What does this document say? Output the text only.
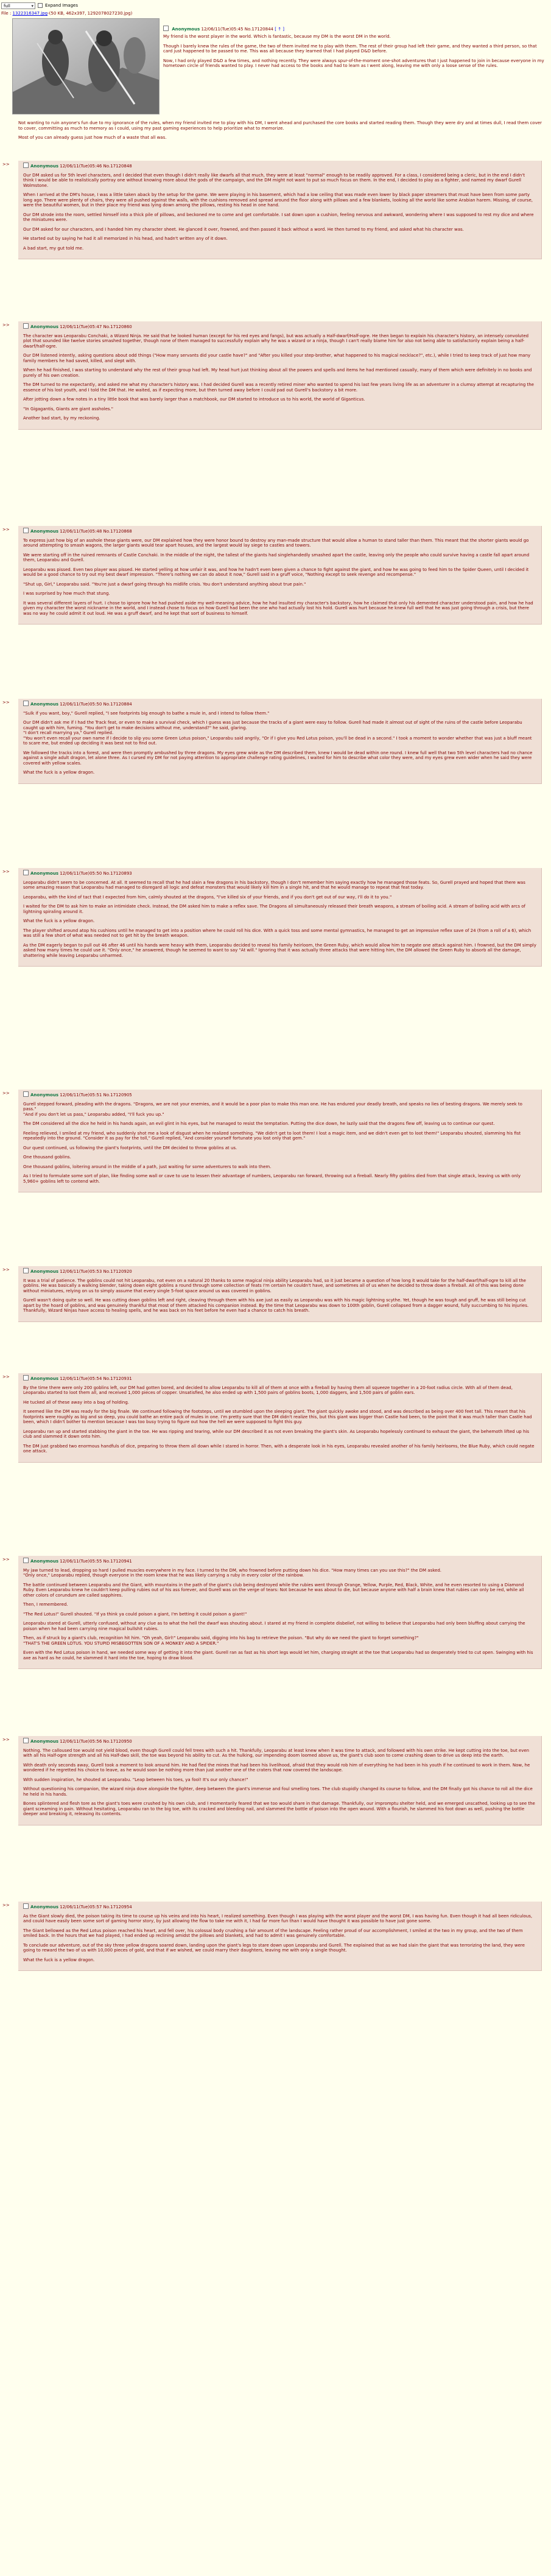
full ▾	Expand Images
File : 1322316347.jpg-(50 KB, 462x397, 1292078027230.jpg)
Anonymous 12/06/11(Tue)05:45 No.17120844 [ ↑ ]

My friend is the worst player in the world. Which is fantastic, because my DM is the worst DM in the world.

Though I barely knew the rules of the game, the two of them invited me to play with them. The rest of their group had left their game, and they wanted a third person, so that card just happened to be passed to me. This was all because they learned that I had played D&D before.

Now, I had only played D&D a few times, and nothing recently. They were always spur-of-the-moment one-shot adventures that I just happened to join in because everyone in my hometown circle of friends wanted to play. I never had access to the books and had to learn as I went along, leaving me with only a loose sense of the rules.

Not wanting to ruin anyone's fun due to my ignorance of the rules, when my friend invited me to play with his DM, I went ahead and purchased the core books and started reading them. Though they were dry and at times dull, I read them cover to cover, committing as much to memory as I could, using my past gaming experiences to help prioritize what to memorize.

Most of you can already guess just how much of a waste that all was.

>>	Anonymous 12/06/11(Tue)05:46 No.17120848

Our DM asked us for 5th level characters, and I decided that even though I didn't really like dwarfs all that much, they were at least "normal" enough to be readily approved. For a class, I considered being a cleric, but in the end I didn't think I would be able to realistically portray one without knowing more about the gods of the campaign, and the DM might not want to put so much focus on them. In the end, I decided to play as a fighter, and named my dwarf Gurell Wolmstone.

When I arrived at the DM's house, I was a little taken aback by the setup for the game. We were playing in his basement, which had a low ceiling that was made even lower by black paper streamers that must have been from some party long ago. There were plenty of chairs, they were all pushed against the walls, with the cushions removed and spread around the floor along with pillows and a few blankets, looking all the world like some Arabian harem. Missing, of course, were the beautiful women, but in their place my friend was lying down among the pillows, resting his head in one hand.

Our DM strode into the room, settled himself into a thick pile of pillows, and beckoned me to come and get comfortable. I sat down upon a cushion, feeling nervous and awkward, wondering where I was supposed to rest my dice and where the miniatures were.

Our DM asked for our characters, and I handed him my character sheet. He glanced it over, frowned, and then passed it back without a word. He then turned to my friend, and asked what his character was.

He started out by saying he had it all memorized in his head, and hadn't written any of it down.

A bad start, my gut told me.

>>	Anonymous 12/06/11(Tue)05:47 No.17120860

The character was Leoparabu Conchaki, a Wizard Ninja. He said that he looked human (except for his red eyes and fangs), but was actually a Half-dwarf/Half-ogre. He then began to explain his character's history, an intensely convoluted plot that sounded like twelve stories smashed together, though none of them managed to successfully explain why he was a wizard or a ninja, though I can't really blame him for also not being able to satisfactorily explain being a half-dwarf/half-ogre.

Our DM listened intently, asking questions about odd things ("How many servants did your castle have?" and "After you killed your step-brother, what happened to his magical necklace?", etc.), while I tried to keep track of just how many family members he had saved, killed, and slept with.

When he had finished, I was starting to understand why the rest of their group had left. My head hurt just thinking about all the powers and spells and items he had mentioned casually, many of them which were definitely in no books and purely of his own creation.

The DM turned to me expectantly, and asked me what my character's history was. I had decided Gurell was a recently retired miner who wanted to spend his last few years living life as an adventurer in a clumsy attempt at recapturing the essence of his lost youth, and I told the DM that. He waited, as if expecting more, but then turned away before I could pad out Gurell's backstory a bit more.

After jotting down a few notes in a tiny little book that was barely larger than a matchbook, our DM started to introduce us to his world, the world of Giganticus.

"In Gigagantis, Giants are giant assholes."

Another bad start, by my reckoning.

>>	Anonymous 12/06/11(Tue)05:48 No.17120868

To express just how big of an asshole these giants were, our DM explained how they were honor bound to destroy any man-made structure that would allow a human to stand taller than them. This meant that the shorter giants would go around attempting to smash wagons, the larger giants would tear apart houses, and the largest would lay siege to castles and towers.

We were starting off in the ruined remnants of Castle Conchaki. In the middle of the night, the tallest of the giants had singlehandedly smashed apart the castle, leaving only the people who could survive having a castle fall apart around them, Leoparabu and Gurell.

Leoparabu was pissed. Even two player was pissed. He started yelling at how unfair it was, and how he hadn't even been given a chance to fight against the giant, and how he was going to feed him to the Spider Queen, until I decided it would be a good chance to try out my best dwarf impression. "There's nothing we can do about it now," Gurell said in a gruff voice, "Nothing except to seek revenge and recompense."

"Shut up, Girl," Leoparabu said. "You're just a dwarf going through his midlife crisis. You don't understand anything about true pain."

I was surprised by how much that stung.

It was several different layers of hurt. I chose to ignore how he had pushed aside my well-meaning advice, how he had insulted my character's backstory, how he claimed that only his demented character understood pain, and how he had given my character the worst nickname in the world, and I instead chose to focus on how Gurell had been the one who had actually lost his hold. Gurell was hurt because he knew full well that he was just going through a crisis, but there was no way he could admit it out loud. He was a gruff dwarf, and he kept that sort of business to himself.

>>	Anonymous 12/06/11(Tue)05:50 No.17120884

"Sulk if you want, boy," Gurell replied, "I see footprints big enough to bathe a mule in, and I intend to follow them."

Our DM didn't ask me if I had the Track feat, or even to make a survival check, which I guess was just because the tracks of a giant were easy to follow. Gurell had made it almost out of sight of the ruins of the castle before Leoparabu caught up with him, fuming. "You don't get to make decisions without me, understand?" he said, glaring.
"I don't recall marrying ya," Gurell replied.
"You won't even recall your own name if I decide to slip you some Green Lotus poison," Leoparabu said angrily, "Or if I give you Red Lotus poison, you'll be dead in a second." I took a moment to wonder whether that was just a bluff meant to scare me, but ended up deciding it was best not to find out.

We followed the tracks into a forest, and were then promptly ambushed by three dragons. My eyes grew wide as the DM described them, knew I would be dead within one round. I knew full well that two 5th level characters had no chance against a single adult dragon, let alone three. As I cursed my DM for not paying attention to appropriate challenge rating guidelines, I waited for him to describe what color they were, and my eyes grew even wider when he said they were covered with yellow scales.

What the fuck is a yellow dragon.

>>	Anonymous 12/06/11(Tue)05:50 No.17120893

Leoparabu didn't seem to be concerned. At all. It seemed to recall that he had slain a few dragons in his backstory, though I don't remember him saying exactly how he managed those feats. So, Gurell prayed and hoped that there was some amazing reason that Leoparabu had managed to disregard all logic and defeat monsters that would likely kill him in a single hit, and that he would manage to repeat that feat today.

Leoparabu, with the kind of tact that I expected from him, calmly shouted at the dragons, "I've killed six of your friends, and if you don't get out of our way, I'll do it to you."

I waited for the DM to ask him to make an intimidate check. Instead, the DM asked him to make a reflex save. The Dragons all simultaneously released their breath weapons, a stream of boiling acid. A stream of boiling acid with arcs of lightning spiraling around it.

What the fuck is a yellow dragon.

The player shifted around atop his cushions until he managed to get into a position where he could roll his dice. With a quick toss and some mental gymnastics, he managed to get an impressive reflex save of 24 (from a roll of a 6), which was still a few short of what was needed not to get hit by the breath weapon.

As the DM eagerly began to pull out 46 after 46 until his hands were heavy with them, Leoparabu decided to reveal his family heirloom, the Green Ruby, which would allow him to negate one attack against him. I frowned, but the DM simply asked how many times he could use it. "Only once," he answered, though he seemed to want to say "At will." Ignoring that it was actually three attacks that were hitting him, the DM allowed the Green Ruby to absorb all the damage, shattering while leaving Leoparabu unharmed.

>>	Anonymous 12/06/11(Tue)05:51 No.17120905

Gurell stepped forward, pleading with the dragons. "Dragons, we are not your enemies, and it would be a poor plan to make this man one. He has endured your deadly breath, and speaks no lies of besting dragons. We merely seek to pass."
"And if you don't let us pass," Leoparabu added, "I'll fuck you up."

The DM considered all the dice he held in his hands again, an evil glint in his eyes, but he managed to resist the temptation. Putting the dice down, he lazily said that the dragons flew off, leaving us to continue our quest.

Feeling relieved, I smiled at my friend, who suddenly shot me a look of disgust when he realized something. "We didn't get to loot them! I lost a magic item, and we didn't even get to loot them!" Leoparabu shouted, slamming his fist repeatedly into the ground. "Consider it as pay for the toll," Gurell replied, "And consider yourself fortunate you lost only that gem."

Our quest continued, us following the giant's footprints, until the DM decided to throw goblins at us.

One thousand goblins.

One thousand goblins, loitering around in the middle of a path, just waiting for some adventurers to walk into them.

As I tried to formulate some sort of plan, like finding some wall or cave to use to lessen their advantage of numbers, Leoparabu ran forward, throwing out a fireball. Nearly fifty goblins died from that single attack, leaving us with only 5,960+ goblins left to contend with.

>>	Anonymous 12/06/11(Tue)05:53 No.17120920

It was a trial of patience. The goblins could not hit Leoparabu, not even on a natural 20 thanks to some magical ninja ability Leoparabu had, so it just became a question of how long it would take for the half-dwarf/half-ogre to kill all the goblins. He was basically a walking blender, taking down eight goblins a round through some collection of feats I'm certain he couldn't have, and sometimes all of us when he decided to throw down a fireball. All of this was being done without miniatures, relying on us to simply assume that every single 5-foot space around us was covered in goblins.

Gurell wasn't doing quite so well. He was cutting down goblins left and right, cleaving through them with his axe just as easily as Leoparabu was with his magic lightning scythe. Yet, though he was tough and gruff, he was still being cut apart by the hoard of goblins, and was genuinely thankful that most of them attacked his companion instead. By the time that Leoparabu was down to 100th goblin, Gurell collapsed from a dagger wound, fully succumbing to his injuries. Thankfully, Wizard Ninjas have access to healing spells, and he was back on his feet before he even had a chance to catch his breath.

>>	Anonymous 12/06/11(Tue)05:54 No.17120931

By the time there were only 200 goblins left, our DM had gotten bored, and decided to allow Leoparabu to kill all of them at once with a fireball by having them all squeeze together in a 20-foot radius circle. With all of them dead, Leoparabu started to loot them all, and received 1,000 pieces of copper. Unsatisfied, he also ended up with 1,500 pairs of goblins boots, 1,000 daggers, and 1,500 pairs of goblin ears.

He tucked all of these away into a bag of holding.

It seemed like the DM was ready for the big finale. We continued following the footsteps, until we stumbled upon the sleeping giant. The giant quickly awoke and stood, and was described as being over 400 feet tall. This meant that his footprints were roughly as big and so deep, you could bathe an entire pack of mules in one. I'm pretty sure that the DM didn't realize this, but this giant was bigger than Castle had been, to the point that it was much taller than Castle had been, which I didn't bother to mention because I was too busy trying to figure out how the hell we were supposed to fight this guy.

Leoparabu ran up and started stabbing the giant in the toe. He was ripping and tearing, while our DM described it as not even breaking the giant's skin. As Leoparabu hopelessly continued to exhaust the giant, the behemoth lifted up his club and slammed it down onto him.

The DM just grabbed two enormous handfuls of dice, preparing to throw them all down while I stared in horror. Then, with a desperate look in his eyes, Leoparabu revealed another of his family heirlooms, the Blue Ruby, which could negate one attack.

>>	Anonymous 12/06/11(Tue)05:55 No.17120941

My jaw turned to lead, dropping so hard I pulled muscles everywhere in my face. I turned to the DM, who frowned before putting down his dice. "How many times can you use this?" the DM asked.
"Only once," Leoparabu replied, though everyone in the room knew that he was likely carrying a ruby in every color of the rainbow.

The battle continued between Leoparabu and the Giant, with mountains in the path of the giant's club being destroyed while the rubies went through Orange, Yellow, Purple, Red, Black, White, and he even resorted to using a Diamond Ruby. Even Leoparabu knew he couldn't keep pulling rubies out of his ass forever, and Gurell was on the verge of tears: Not because he was about to die, but because anyone with half a brain knew that rubies can only be red, while all other colors of corundum are called sapphires.

Then, I remembered.

"The Red Lotus!" Gurell shouted. "If ya think ya could poison a giant, I'm betting it could poison a giant!"

Leoparabu stared at Gurell, utterly confused, without any clue as to what the hell the dwarf was shouting about. I stared at my friend in complete disbelief, not willing to believe that Leoparabu had only been bluffing about carrying the poison when he had been carrying nine magical bullshit rubies.

Then, as if struck by a giant's club, recognition hit him. "Oh yeah, Girl!" Leoparabu said, digging into his bag to retrieve the poison. "But why do we need the giant to forget something?"
"THAT'S THE GREEN LOTUS. YOU STUPID MISBEGOTTEN SON OF A MONKEY AND A SPIDER."

Even with the Red Lotus poison in hand, we needed some way of getting it into the giant. Gurell ran as fast as his short legs would let him, charging straight at the toe that Leoparabu had so desperately tried to cut open. Swinging with his axe as hard as he could, he slammed it hard into the toe, hoping to draw blood.

>>	Anonymous 12/06/11(Tue)05:56 No.17120950

Nothing. The calloused toe would not yield blood, even though Gurell could fell trees with such a hit. Thankfully, Leoparabu at least knew when it was time to attack, and followed with his own strike. He kept cutting into the toe, but even with all his Half-ogre strength and all his Half-dwo skill, the toe was beyond his ability to cut. As the hulking, our impending doom loomed above us, the giant's club soon to come crashing down to drive us deep into the earth.

With death only seconds away, Gurell took a moment to look around him. He had fled the mines that had been his livelihood, afraid that they would rob him of everything he had been in his youth if he continued to work in them. Now, he wondered if he regretted his choice to leave, as he would soon be nothing more than just another one of the craters that now covered the landscape.

With sudden inspiration, he shouted at Leoparabu. "Leap between his toes, ya fool! It's our only chance!"

Without questioning his companion, the wizard ninja dove alongside the fighter, deep between the giant's immense and foul smelling toes. The club stupidly changed its course to follow, and the DM finally got his chance to roll all the dice he held in his hands.

Bones splintered and flesh tore as the giant's toes were crushed by his own club, and I momentarily feared that we too would share in that damage. Thankfully, our impromptu shelter held, and we emerged unscathed, looking up to see the giant screaming in pain. Without hesitating, Leoparabu ran to the big toe, with its cracked and bleeding nail, and slammed the bottle of poison into the open wound. With a flourish, he slammed his foot down as well, pushing the bottle deeper and breaking it, releasing its contents.

>>	Anonymous 12/06/11(Tue)05:57 No.17120954

As the Giant slowly died, the poison taking its time to course up his veins and into his heart, I realized something. Even though I was playing with the worst player and the worst DM, I was having fun. Even though it had all been ridiculous, and could have easily been some sort of gaming horror story, by just allowing the flow to take me with it, I had far more fun than I would have thought it was possible to have just gone some.

The Giant bellowed as the Red Lotus poison reached his heart, and fell over, his colossal body crushing a fair amount of the landscape. Feeling rather proud of our accomplishment, I smiled at the two in my group, and the two of them smiled back. In the hours that we had played, I had ended up reclining amidst the pillows and blankets, and had to admit I was genuinely comfortable.

To conclude our adventure, out of the sky three yellow dragons soared down, landing upon the giant's legs to stare down upon Leoparabu and Gurell. The explained that as we had slain the giant that was terrorizing the land, they were going to reward the two of us with 10,000 pieces of gold, and that if we wished, we could marry their daughters, leaving me with only a single thought.

What the fuck is a yellow dragon.
